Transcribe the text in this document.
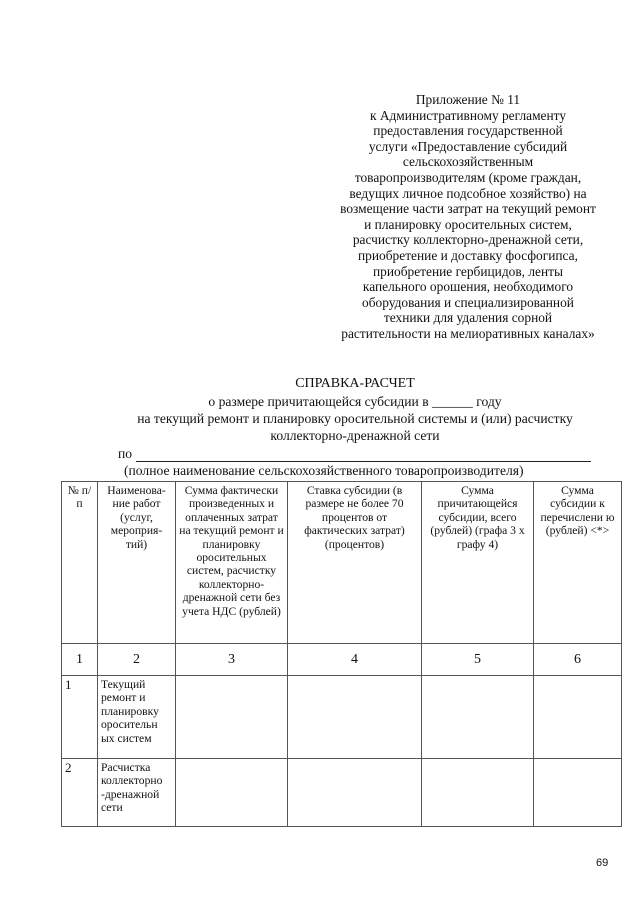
Приложение № 11
к Административному регламенту
предоставления государственной
услуги «Предоставление субсидий
сельскохозяйственным
товаропроизводителям (кроме граждан,
ведущих личное подсобное хозяйство) на
возмещение части затрат на текущий ремонт
и планировку оросительных систем,
расчистку коллекторно-дренажной сети,
приобретение и доставку фосфогипса,
приобретение гербицидов, ленты
капельного орошения, необходимого
оборудования и специализированной
техники для удаления сорной
растительности на мелиоративных каналах»
СПРАВКА-РАСЧЕТ
о размере причитающейся субсидии в ______ году
на текущий ремонт и планировку оросительной системы и (или) расчистку
коллекторно-дренажной сети
по
(полное наименование сельскохозяйственного товаропроизводителя)
№ п/п	Наименова-ние работ (услуг, мероприя-тий)	Сумма фактически произведенных и оплаченных затрат на текущий ремонт и планировку оросительных систем, расчистку коллекторно-дренажной сети без учета НДС (рублей)	Ставка субсидии (в размере не более 70 процентов от фактических затрат) (процентов)	Сумма причитающейся субсидии, всего (рублей) (графа 3 х графу 4)	Сумма субсидии к перечислени ю (рублей) <*>
1	2	3	4	5	6
1	Текущий ремонт и планировку оросительн ых систем				
2	Расчистка коллекторно -дренажной сети				
69
